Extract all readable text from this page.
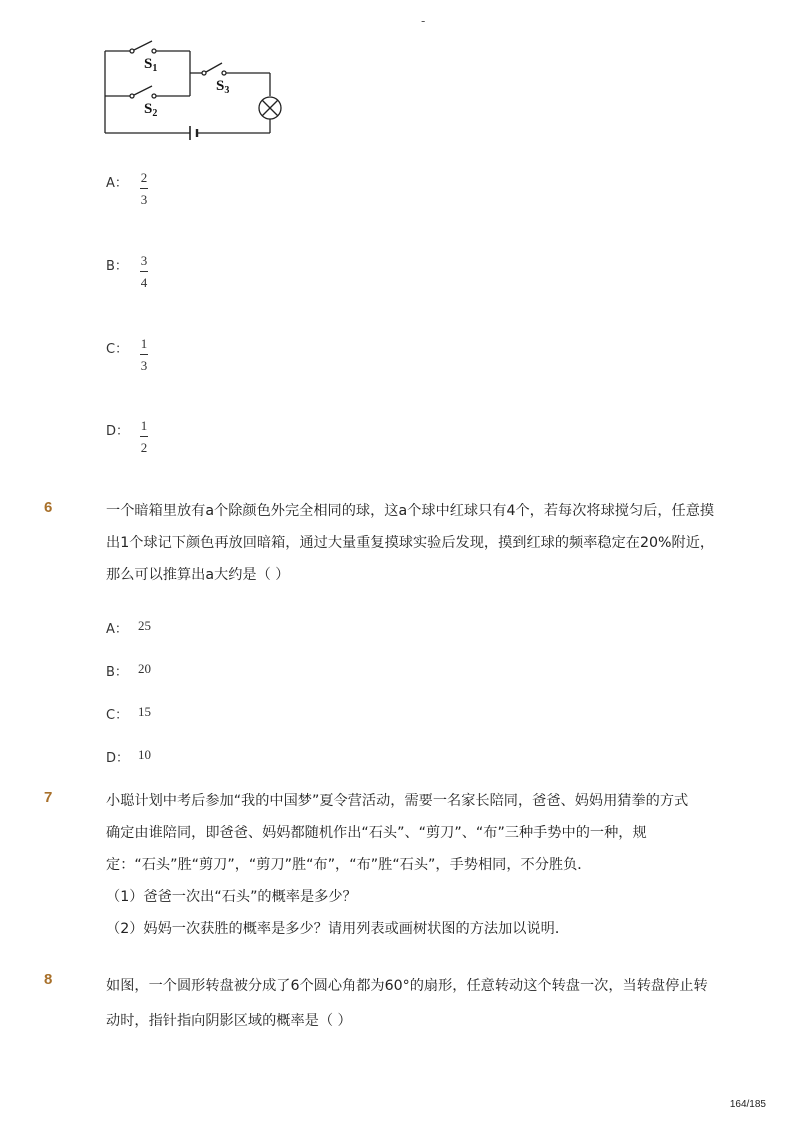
-
$S_1$
$S_2$
$S_3$
A： 2
3
B： 3
4
C： 1
3
D： 1
2
6	一个暗箱里放有a个除颜色外完全相同的球，这a个球中红球只有4个，若每次将球搅匀后，任意摸
出1个球记下颜色再放回暗箱，通过大量重复摸球实验后发现，摸到红球的频率稳定在20%附近，
那么可以推算出a大约是（ ）
A： 25
B： 20
C： 15
D： 10
7	小聪计划中考后参加“我的中国梦”夏令营活动，需要一名家长陪同，爸爸、妈妈用猜拳的方式
确定由谁陪同，即爸爸、妈妈都随机作出“石头”、“剪刀”、“布”三种手势中的一种，规
定：“石头”胜“剪刀”，“剪刀”胜“布”，“布”胜“石头”，手势相同，不分胜负．
（1）爸爸一次出“石头”的概率是多少？
（2）妈妈一次获胜的概率是多少？请用列表或画树状图的方法加以说明．
8	如图，一个圆形转盘被分成了6个圆心角都为60°的扇形，任意转动这个转盘一次，当转盘停止转
动时，指针指向阴影区域的概率是（ ）
164/185
